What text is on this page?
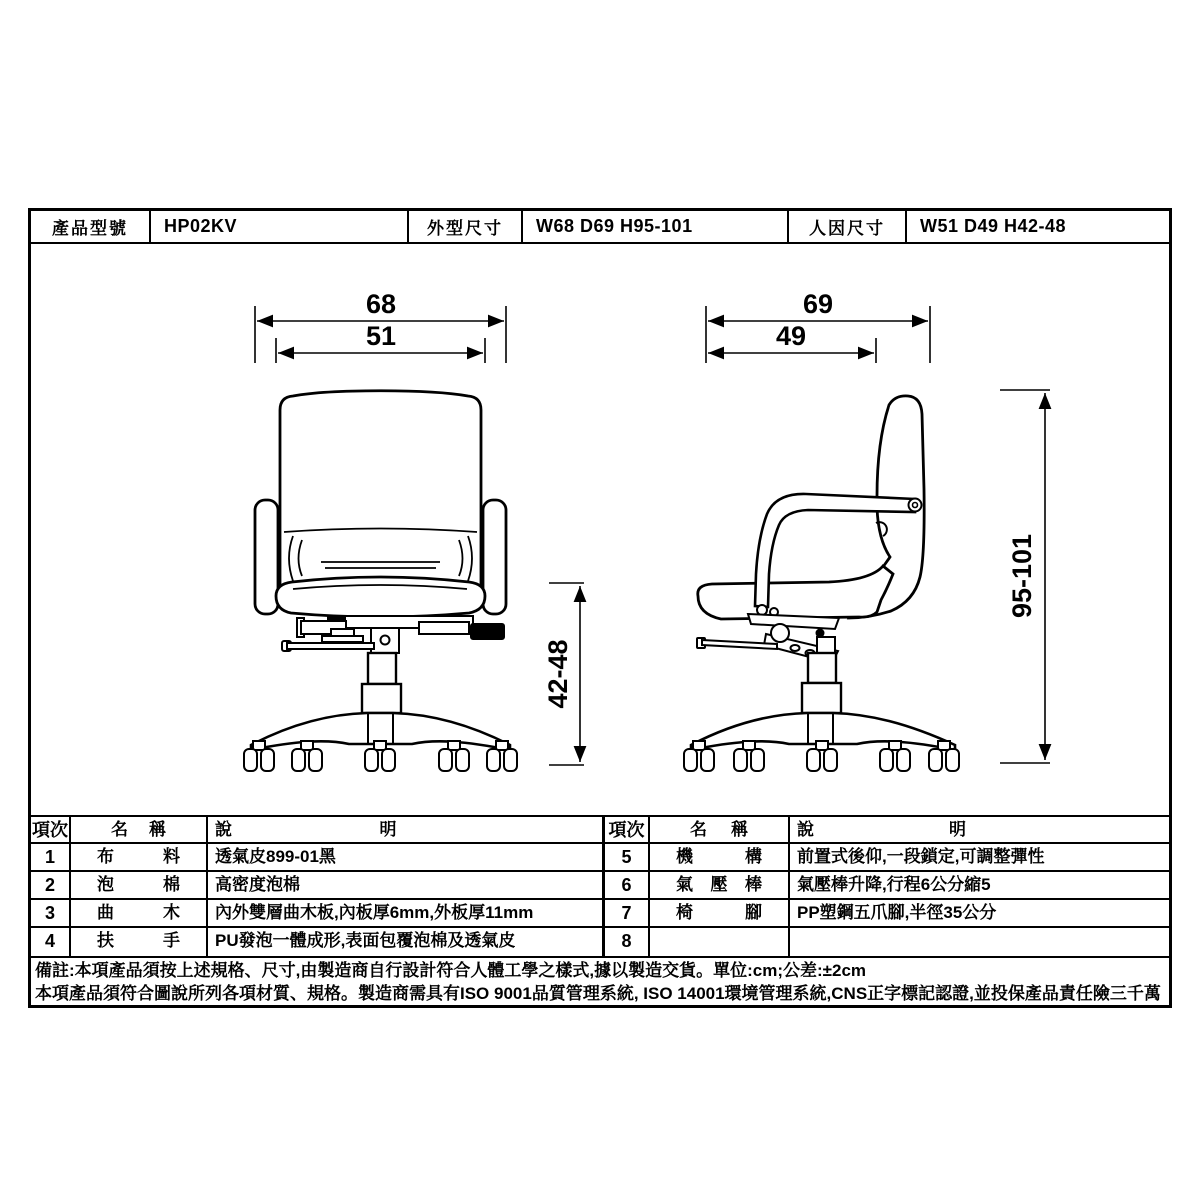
產品型號	HP02KV	外型尺寸	W68 D69 H95-101	人因尺寸	W51 D49 H42-48
68
51
42-48
69
49
95-101
項次	名稱	說明
1	布料	透氣皮899-01黑
2	泡棉	高密度泡棉
3	曲木	內外雙層曲木板,內板厚6mm,外板厚11mm
4	扶手	PU發泡一體成形,表面包覆泡棉及透氣皮
項次	名稱	說明
5	機構	前置式後仰,一段鎖定,可調整彈性
6	氣壓棒	氣壓棒升降,行程6公分縮5
7	椅腳	PP塑鋼五爪腳,半徑35公分
8
備註:本項產品須按上述規格、尺寸,由製造商自行設計符合人體工學之樣式,據以製造交貨。單位:cm;公差:±2cm
本項產品須符合圖說所列各項材質、規格。製造商需具有ISO 9001品質管理系統, ISO 14001環境管理系統,CNS正字標記認證,並投保產品責任險三千萬
